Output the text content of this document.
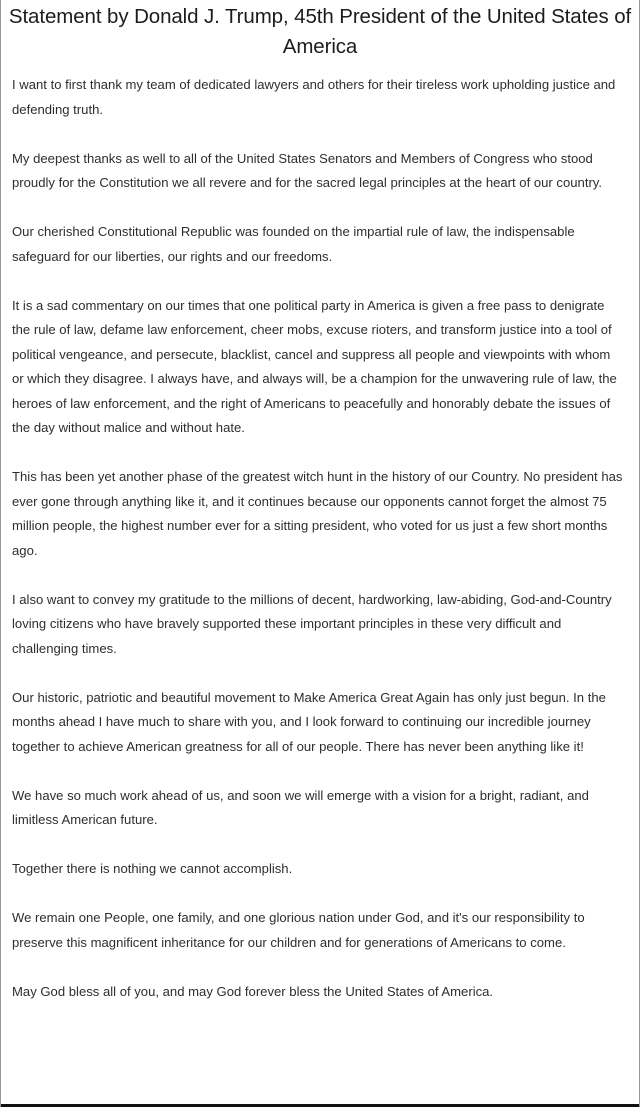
Statement by Donald J. Trump, 45th President of the United States of America

I want to first thank my team of dedicated lawyers and others for their tireless work upholding justice and defending truth.

My deepest thanks as well to all of the United States Senators and Members of Congress who stood proudly for the Constitution we all revere and for the sacred legal principles at the heart of our country.

Our cherished Constitutional Republic was founded on the impartial rule of law, the indispensable safeguard for our liberties, our rights and our freedoms.

It is a sad commentary on our times that one political party in America is given a free pass to denigrate the rule of law, defame law enforcement, cheer mobs, excuse rioters, and transform justice into a tool of political vengeance, and persecute, blacklist, cancel and suppress all people and viewpoints with whom or which they disagree. I always have, and always will, be a champion for the unwavering rule of law, the heroes of law enforcement, and the right of Americans to peacefully and honorably debate the issues of the day without malice and without hate.

This has been yet another phase of the greatest witch hunt in the history of our Country. No president has ever gone through anything like it, and it continues because our opponents cannot forget the almost 75 million people, the highest number ever for a sitting president, who voted for us just a few short months ago.

I also want to convey my gratitude to the millions of decent, hardworking, law-abiding, God-and-Country loving citizens who have bravely supported these important principles in these very difficult and challenging times.

Our historic, patriotic and beautiful movement to Make America Great Again has only just begun. In the months ahead I have much to share with you, and I look forward to continuing our incredible journey together to achieve American greatness for all of our people. There has never been anything like it!

We have so much work ahead of us, and soon we will emerge with a vision for a bright, radiant, and limitless American future.

Together there is nothing we cannot accomplish.

We remain one People, one family, and one glorious nation under God, and it's our responsibility to preserve this magnificent inheritance for our children and for generations of Americans to come.

May God bless all of you, and may God forever bless the United States of America.
